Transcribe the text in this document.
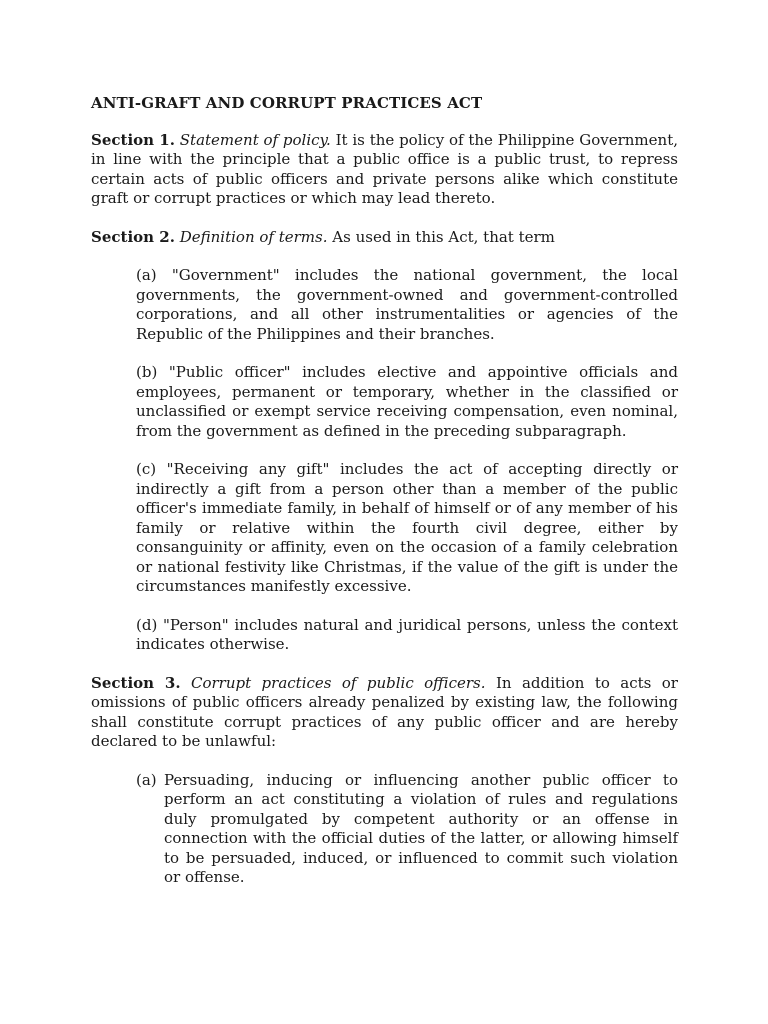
ANTI-GRAFT AND CORRUPT PRACTICES ACT
Section 1. Statement of policy. It is the policy of the Philippine Government, in line with the principle that a public office is a public trust, to repress certain acts of public officers and private persons alike which constitute graft or corrupt practices or which may lead thereto.
Section 2. Definition of terms. As used in this Act, that term
(a) "Government" includes the national government, the local governments, the government-owned and government-controlled corporations, and all other instrumentalities or agencies of the Republic of the Philippines and their branches.
(b) "Public officer" includes elective and appointive officials and employees, permanent or temporary, whether in the classified or unclassified or exempt service receiving compensation, even nominal, from the government as defined in the preceding subparagraph.
(c) "Receiving any gift" includes the act of accepting directly or indirectly a gift from a person other than a member of the public officer's immediate family, in behalf of himself or of any member of his family or relative within the fourth civil degree, either by consanguinity or affinity, even on the occasion of a family celebration or national festivity like Christmas, if the value of the gift is under the circumstances manifestly excessive.
(d) "Person" includes natural and juridical persons, unless the context indicates otherwise.
Section 3. Corrupt practices of public officers. In addition to acts or omissions of public officers already penalized by existing law, the following shall constitute corrupt practices of any public officer and are hereby declared to be unlawful:
(a) Persuading, inducing or influencing another public officer to perform an act constituting a violation of rules and regulations duly promulgated by competent authority or an offense in connection with the official duties of the latter, or allowing himself to be persuaded, induced, or influenced to commit such violation or offense.
